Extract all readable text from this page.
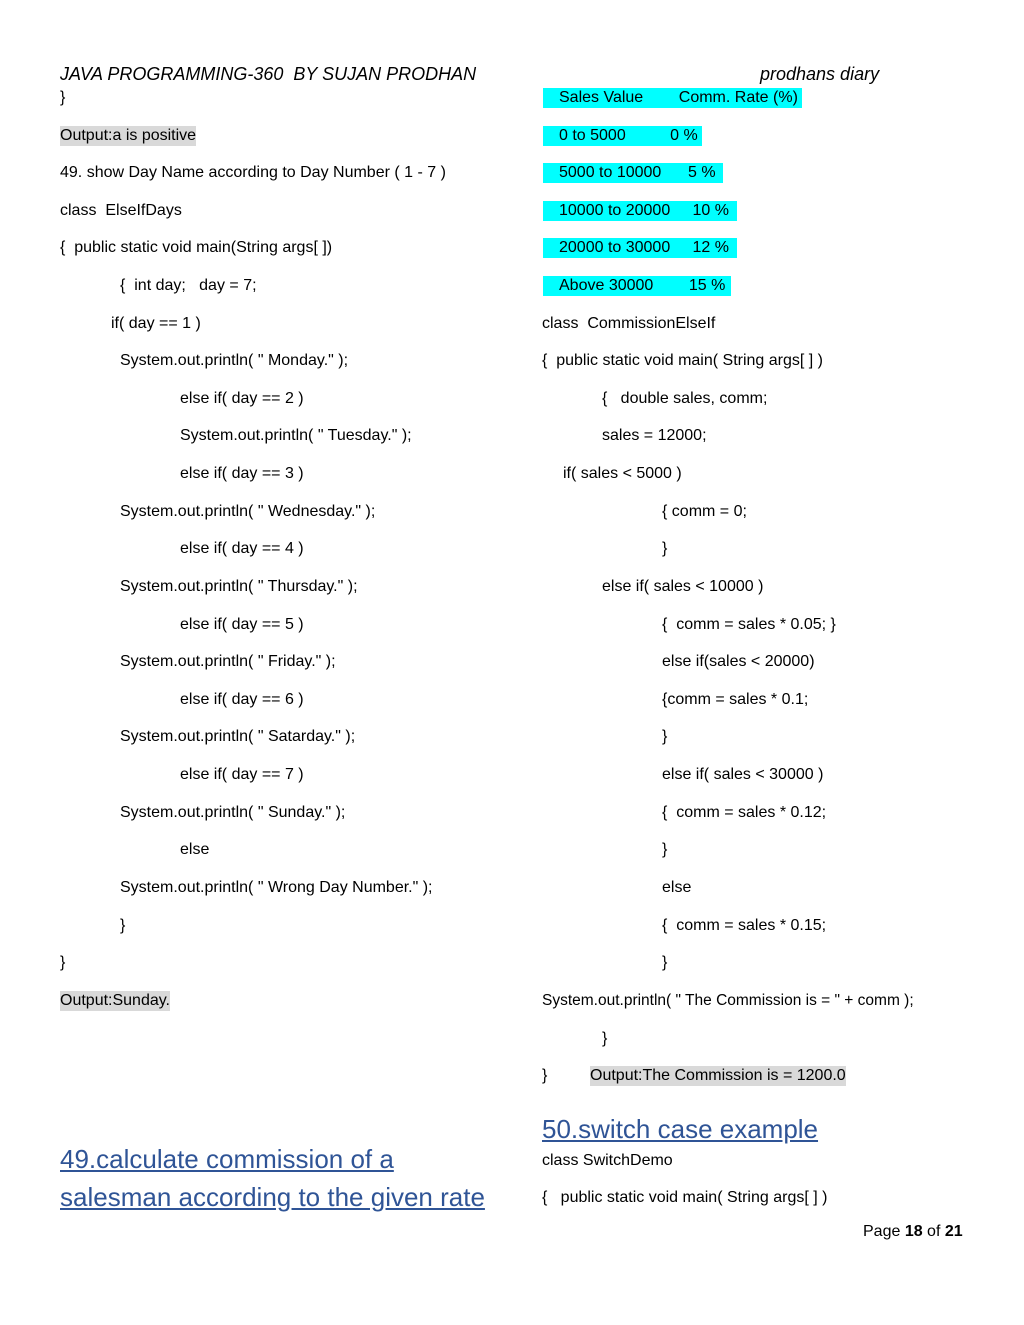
JAVA PROGRAMMING-360  BY SUJAN PRODHAN	prodhans diary
}
Output:a is positive
49. show Day Name according to Day Number ( 1 - 7 )
class  ElseIfDays
{  public static void main(String args[ ])
{  int day;   day = 7;
if( day == 1 )
System.out.println( " Monday." );
else if( day == 2 )
System.out.println( " Tuesday." );
else if( day == 3 )
System.out.println( " Wednesday." );
else if( day == 4 )
System.out.println( " Thursday." );
else if( day == 5 )
System.out.println( " Friday." );
else if( day == 6 )
System.out.println( " Satarday." );
else if( day == 7 )
System.out.println( " Sunday." );
else
System.out.println( " Wrong Day Number." );
}
}
Output:Sunday.
49.calculate commission of a
salesman according to the given rate
Sales Value        Comm. Rate (%)
0 to 5000          0 %
5000 to 10000      5 %
10000 to 20000     10 %
20000 to 30000     12 %
Above 30000        15 %
class  CommissionElseIf
{  public static void main( String args[ ] )
{   double sales, comm;
sales = 12000;
if( sales < 5000 )
{ comm = 0;
}
else if( sales < 10000 )
{  comm = sales * 0.05; }
else if(sales < 20000)
{comm = sales * 0.1;
}
else if( sales < 30000 )
{  comm = sales * 0.12;
}
else
{  comm = sales * 0.15;
}
System.out.println( " The Commission is = " + comm );
}
}	Output:The Commission is = 1200.0
50.switch case example
class SwitchDemo
{   public static void main( String args[ ] )
Page 18 of 21
